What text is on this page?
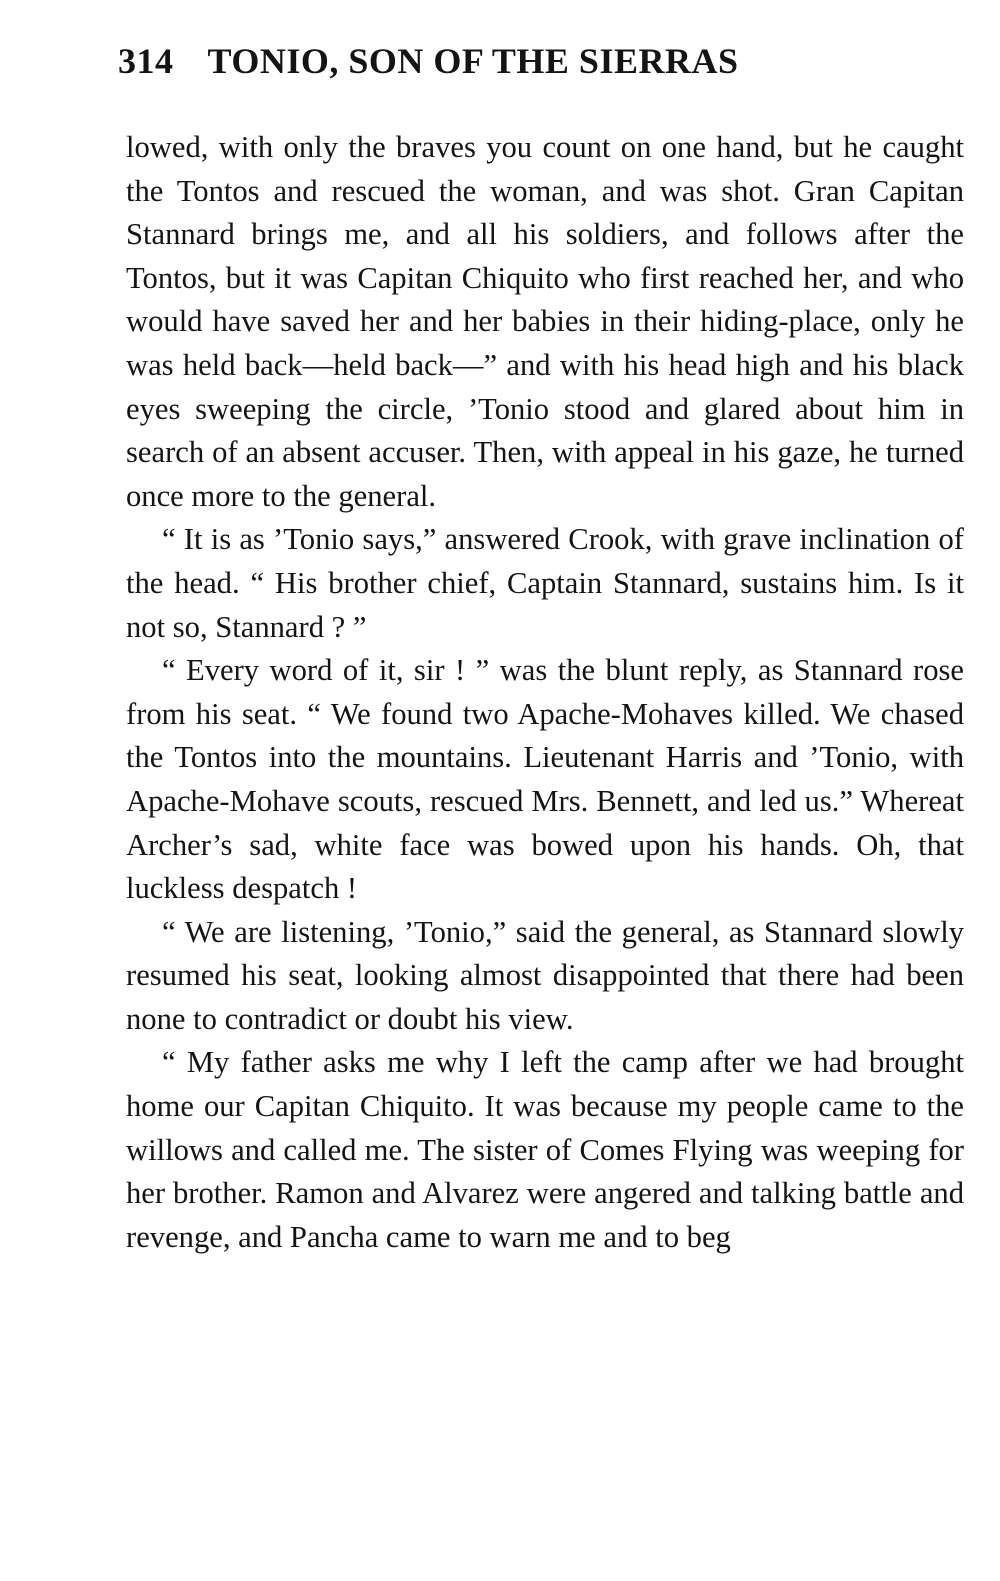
314 TONIO, SON OF THE SIERRAS

lowed, with only the braves you count on one hand, but he caught the Tontos and rescued the woman, and was shot. Gran Capitan Stannard brings me, and all his soldiers, and follows after the Tontos, but it was Capitan Chiquito who first reached her, and who would have saved her and her babies in their hiding-place, only he was held back—held back—” and with his head high and his black eyes sweeping the circle, ’Tonio stood and glared about him in search of an absent accuser. Then, with appeal in his gaze, he turned once more to the general.

“ It is as ’Tonio says,” answered Crook, with grave inclination of the head. “ His brother chief, Captain Stannard, sustains him. Is it not so, Stannard ? ”

“ Every word of it, sir ! ” was the blunt reply, as Stannard rose from his seat. “ We found two Apache-Mohaves killed. We chased the Tontos into the mountains. Lieutenant Harris and ’Tonio, with Apache-Mohave scouts, rescued Mrs. Bennett, and led us.” Whereat Archer’s sad, white face was bowed upon his hands. Oh, that luckless despatch !

“ We are listening, ’Tonio,” said the general, as Stannard slowly resumed his seat, looking almost disappointed that there had been none to contradict or doubt his view.

“ My father asks me why I left the camp after we had brought home our Capitan Chiquito. It was because my people came to the willows and called me. The sister of Comes Flying was weeping for her brother. Ramon and Alvarez were angered and talking battle and revenge, and Pancha came to warn me and to beg
